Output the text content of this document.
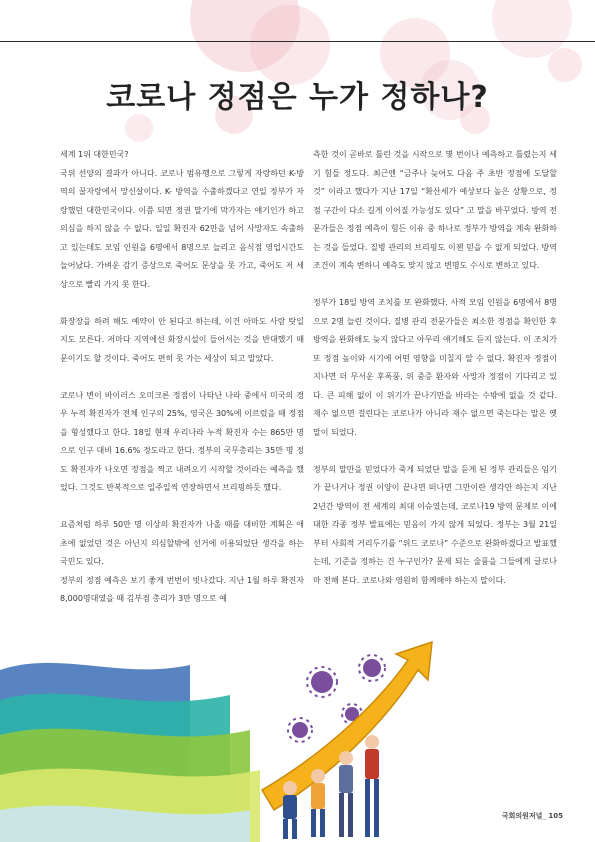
코로나 정점은 누가 정하나?

세계 1위 대한민국?

국위 선양의 결과가 아니다. 코로나 범유행으로 그렇게 자랑하던 K-방역의 꿀자랑에서 망신살이다. K- 방역을 수출하겠다고 연일 정부가 자랑했던 대한민국이다. 이쯤 되면 정권 말기에 막가자는 얘기인가 하고 의심을 하지 않을 수 없다. 일일 확진자 62만을 넘어 사망자도 속출하고 있는데도 모임 인원을 6명에서 8명으로 늘리고 음식점 영업시간도 늘어났다. 가벼운 감기 증상으로 죽어도 문상을 못 가고, 죽어도 저 세상으로 빨리 가지 못 한다.

화장장을 하려 해도 예약이 안 된다고 하는데, 이건 아마도 사람 탓일지도 모른다. 저마다 지역에선 화장시설이 들어서는 것을 반대했기 때문이기도 할 것이다. 죽어도 편히 못 가는 세상이 되고 말았다.

코로나 변이 바이러스 오미크론 정점이 나타난 나라 중에서 미국의 경우 누적 확진자가 전체 인구의 25%, 영국은 30%에 이르렀을 때 정점을 형성했다고 한다. 18일 현재 우리나라 누적 확진자 수는 865만 명으로 인구 대비 16.6% 정도라고 한다. 정부의 국무총리는 35만 명 정도 확진자가 나오면 정점을 찍고 내려오기 시작할 것이라는 예측을 했었다. 그것도 반복적으로 일주일씩 연장하면서 브리핑하듯 했다.

요즘처럼 하루 50만 명 이상의 확진자가 나올 때를 대비한 계획은 애초에 없었던 것은 아닌지 의심할밖에 선거에 이용되었단 생각을 하는 국민도 있다.

정부의 정점 예측은 보기 좋게 번번이 빗나갔다. 지난 1월 하루 확진자 8,000명대였을 때 김부겸 총리가 3만 명으로 예

측한 것이 곧바로 틀린 것을 시작으로 몇 번이나 예측하고 틀렸는지 세기 힘들 정도다. 최근엔 “금주나 늦어도 다음 주 초반 정점에 도달할 것” 이라고 했다가 지난 17일 “확산세가 예상보다 높은 상황으로, 정점 구간이 다소 길게 이어질 가능성도 있다” 고 말을 바꾸었다. 방역 전문가들은 정점 예측이 힘든 이유 중 하나로 정부가 방역을 계속 완화하는 것을 들었다. 질병 관리의 브리핑도 이젠 믿을 수 없게 되었다. 방역 조건이 계속 변하니 예측도 맞지 않고 변명도 수시로 변하고 있다.

정부가 18일 방역 조치를 또 완화했다. 사적 모임 인원을 6명에서 8명으로 2명 늘린 것이다. 질병 관리 전문가들은 최소한 정점을 확인한 후 방역을 완화해도 늦지 않다고 아무리 얘기해도 듣지 않는다. 이 조치가 또 정점 높이와 시기에 어떤 영향을 미칠지 알 수 없다. 확진자 정점이 지나면 더 무서운 후폭풍, 위 중증 환자와 사망자 정점이 기다리고 있다. 큰 피해 없이 이 위기가 끝나기만을 바라는 수밖에 없을 것 같다. 재수 없으면 걸린다는 코로나가 아니라 재수 없으면 죽는다는 말은 옛말이 되었다.

정부의 말만을 믿었다가 죽게 되었단 말을 듣게 된 정부 관리들은 임기가 끝나거나 정권 이양이 끝나면 떠나면 그만이란 생각만 하는지 지난 2년간 방역이 전 세계의 최대 이슈였는데, 코로나19 방역 문제로 이에 대한 각종 정부 발표에는 믿음이 가지 않게 되었다. 정부는 3월 21일부터 사회적 거리두기를 “위드 코로나” 수준으로 완화하겠다고 발표했는데, 기준을 정하는 건 누구인가? 문제 되는 술품을 그들에게 글로나마 전해 본다. 코로나와 영원히 함께해야 하는지 말이다.

국회의원저널_ 105
